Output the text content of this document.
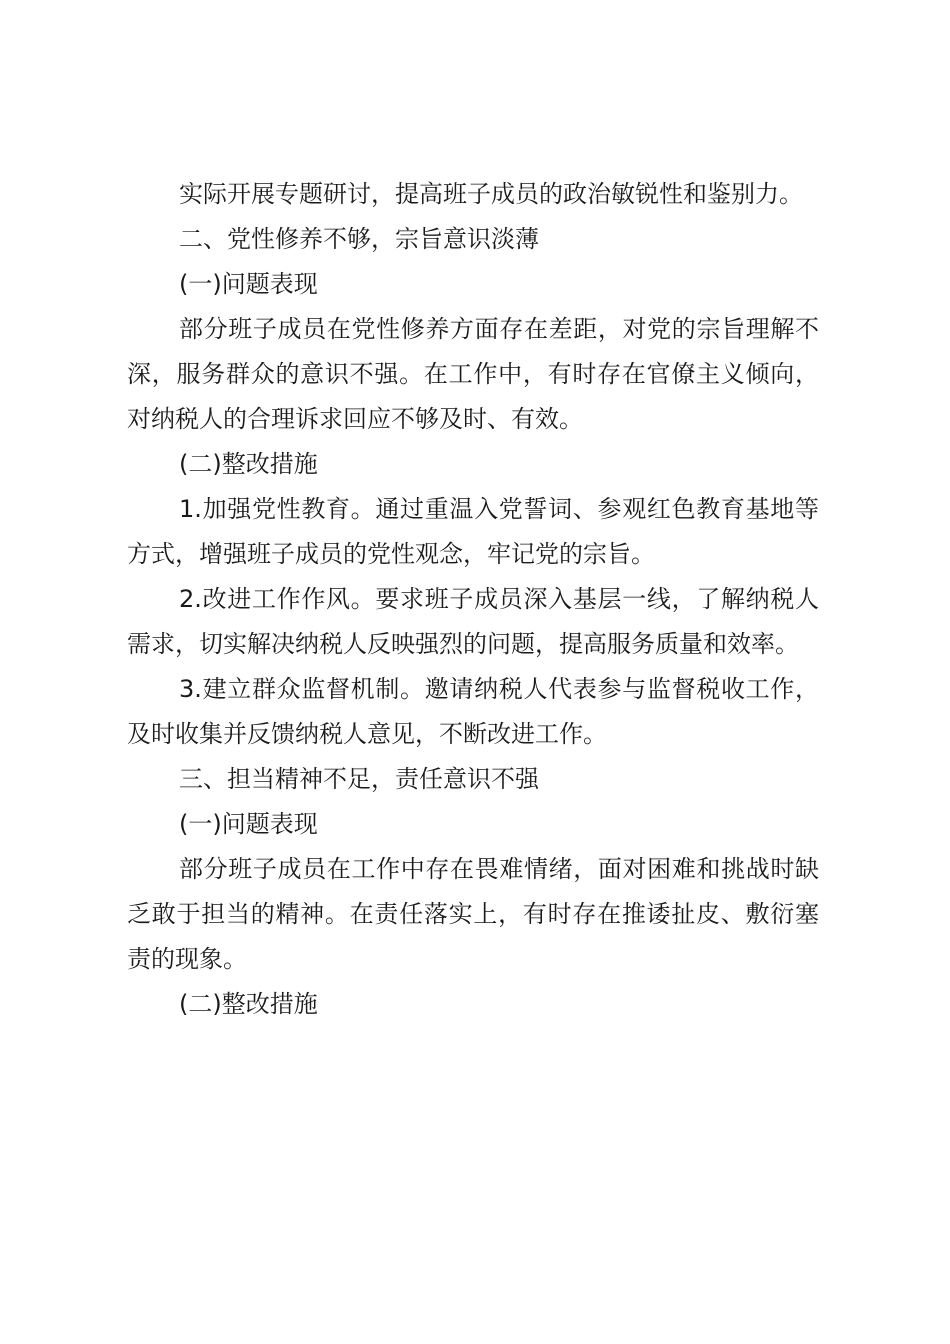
实际开展专题研讨，提高班子成员的政治敏锐性和鉴别力。

二、党性修养不够，宗旨意识淡薄

(一)问题表现

部分班子成员在党性修养方面存在差距，对党的宗旨理解不深，服务群众的意识不强。在工作中，有时存在官僚主义倾向，对纳税人的合理诉求回应不够及时、有效。

(二)整改措施

1.加强党性教育。通过重温入党誓词、参观红色教育基地等方式，增强班子成员的党性观念，牢记党的宗旨。

2.改进工作作风。要求班子成员深入基层一线，了解纳税人需求，切实解决纳税人反映强烈的问题，提高服务质量和效率。

3.建立群众监督机制。邀请纳税人代表参与监督税收工作，及时收集并反馈纳税人意见，不断改进工作。

三、担当精神不足，责任意识不强

(一)问题表现

部分班子成员在工作中存在畏难情绪，面对困难和挑战时缺乏敢于担当的精神。在责任落实上，有时存在推诿扯皮、敷衍塞责的现象。

(二)整改措施
